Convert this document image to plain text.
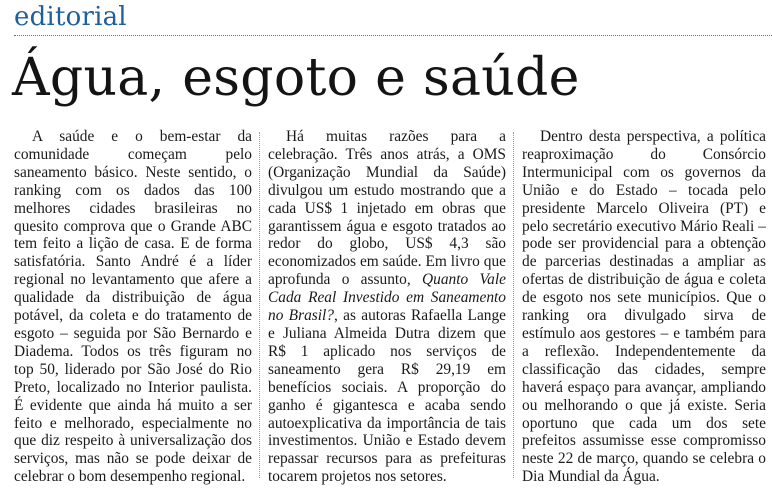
editorial
Água, esgoto e saúde

A saúde e o bem-estar da comunidade começam pelo saneamento básico. Neste sentido, o ranking com os dados das 100 melhores cidades brasileiras no quesito comprova que o Grande ABC tem feito a lição de casa. E de forma satisfatória. Santo André é a líder regional no levantamento que afere a qualidade da distribuição de água potável, da coleta e do tratamento de esgoto – seguida por São Bernardo e Diadema. Todos os três figuram no top 50, liderado por São José do Rio Preto, localizado no Interior paulista. É evidente que ainda há muito a ser feito e melhorado, especialmente no que diz respeito à universalização dos serviços, mas não se pode deixar de celebrar o bom desempenho regional.

Há muitas razões para a celebração. Três anos atrás, a OMS (Organização Mundial da Saúde) divulgou um estudo mostrando que a cada US$ 1 injetado em obras que garantissem água e esgoto tratados ao redor do globo, US$ 4,3 são economizados em saúde. Em livro que aprofunda o assunto, Quanto Vale Cada Real Investido em Saneamento no Brasil?, as autoras Rafaella Lange e Juliana Almeida Dutra dizem que R$ 1 aplicado nos serviços de saneamento gera R$ 29,19 em benefícios sociais. A proporção do ganho é gigantesca e acaba sendo autoexplicativa da importância de tais investimentos. União e Estado devem repassar recursos para as prefeituras tocarem projetos nos setores.

Dentro desta perspectiva, a política reaproximação do Consórcio Intermunicipal com os governos da União e do Estado – tocada pelo presidente Marcelo Oliveira (PT) e pelo secretário executivo Mário Reali – pode ser providencial para a obtenção de parcerias destinadas a ampliar as ofertas de distribuição de água e coleta de esgoto nos sete municípios. Que o ranking ora divulgado sirva de estímulo aos gestores – e também para a reflexão. Independentemente da classificação das cidades, sempre haverá espaço para avançar, ampliando ou melhorando o que já existe. Seria oportuno que cada um dos sete prefeitos assumisse esse compromisso neste 22 de março, quando se celebra o Dia Mundial da Água.
